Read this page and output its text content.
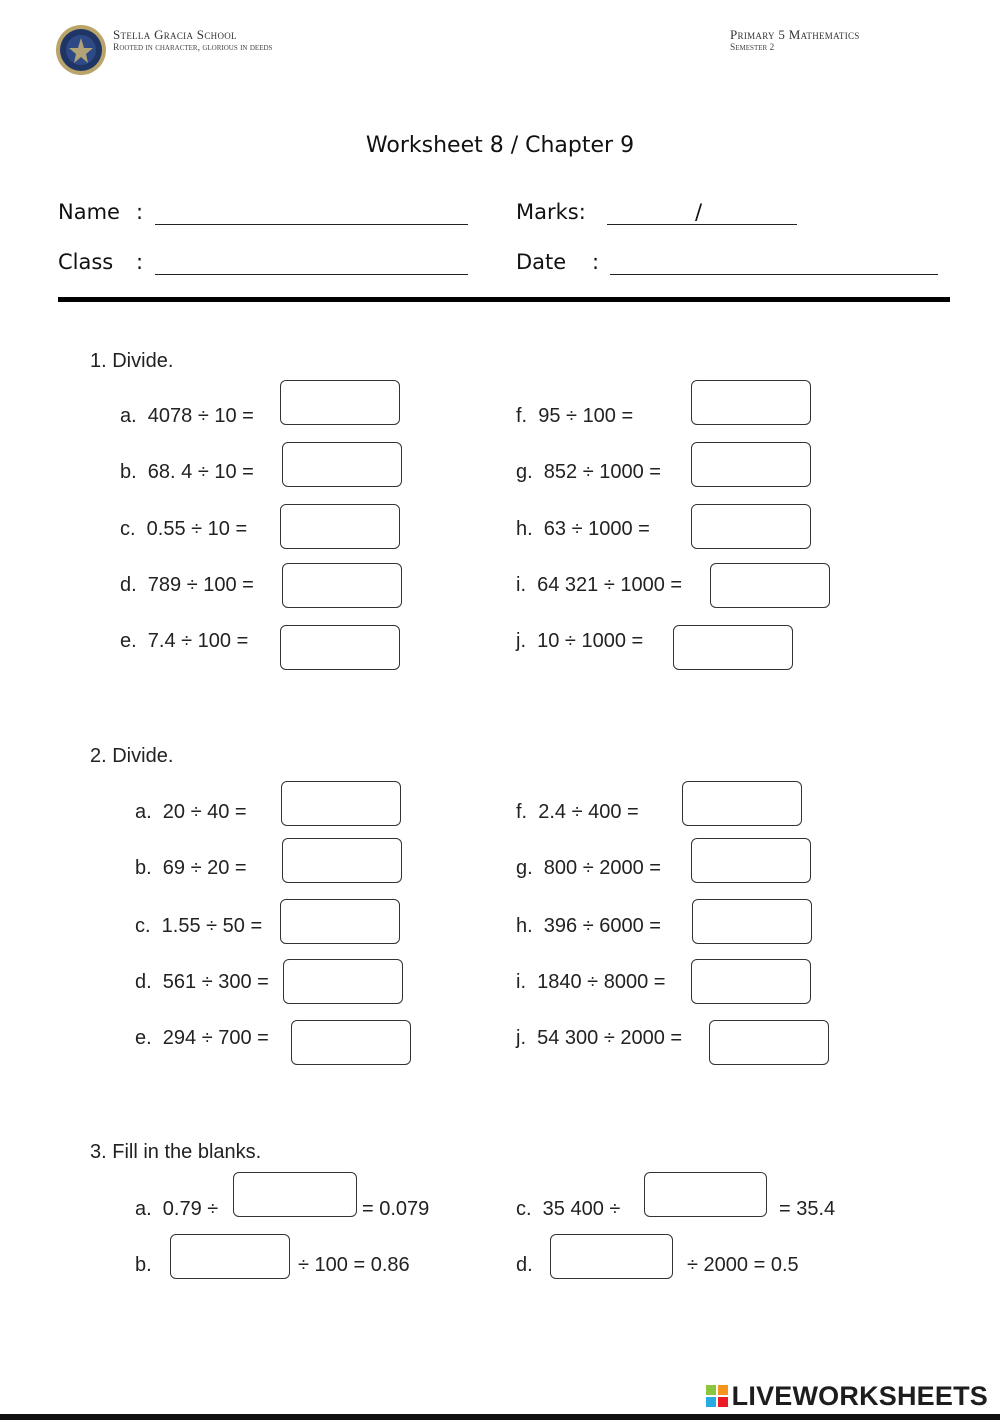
Stella Gracia School
Rooted in character, glorious in deeds
Primary 5 Mathematics
Semester 2
Worksheet 8 / Chapter 9
Name :
Class :
Marks:	/
Date :
1. Divide.
a.  4078 ÷ 10 =
b.  68. 4 ÷ 10 =
c.  0.55 ÷ 10 =
d.  789 ÷ 100 =
e.  7.4 ÷ 100 =
f.  95 ÷ 100 =
g.  852 ÷ 1000 =
h.  63 ÷ 1000 =
i.  64 321 ÷ 1000 =
j.  10 ÷ 1000 =
2. Divide.
a.  20 ÷ 40 =
b.  69 ÷ 20 =
c.  1.55 ÷ 50 =
d.  561 ÷ 300 =
e.  294 ÷ 700 =
f.  2.4 ÷ 400 =
g.  800 ÷ 2000 =
h.  396 ÷ 6000 =
i.  1840 ÷ 8000 =
j.  54 300 ÷ 2000 =
3. Fill in the blanks.
a.  0.79 ÷	= 0.079
b.	÷ 100 = 0.86
c.  35 400 ÷	= 35.4
d.	÷ 2000 = 0.5
LIVEWORKSHEETS
